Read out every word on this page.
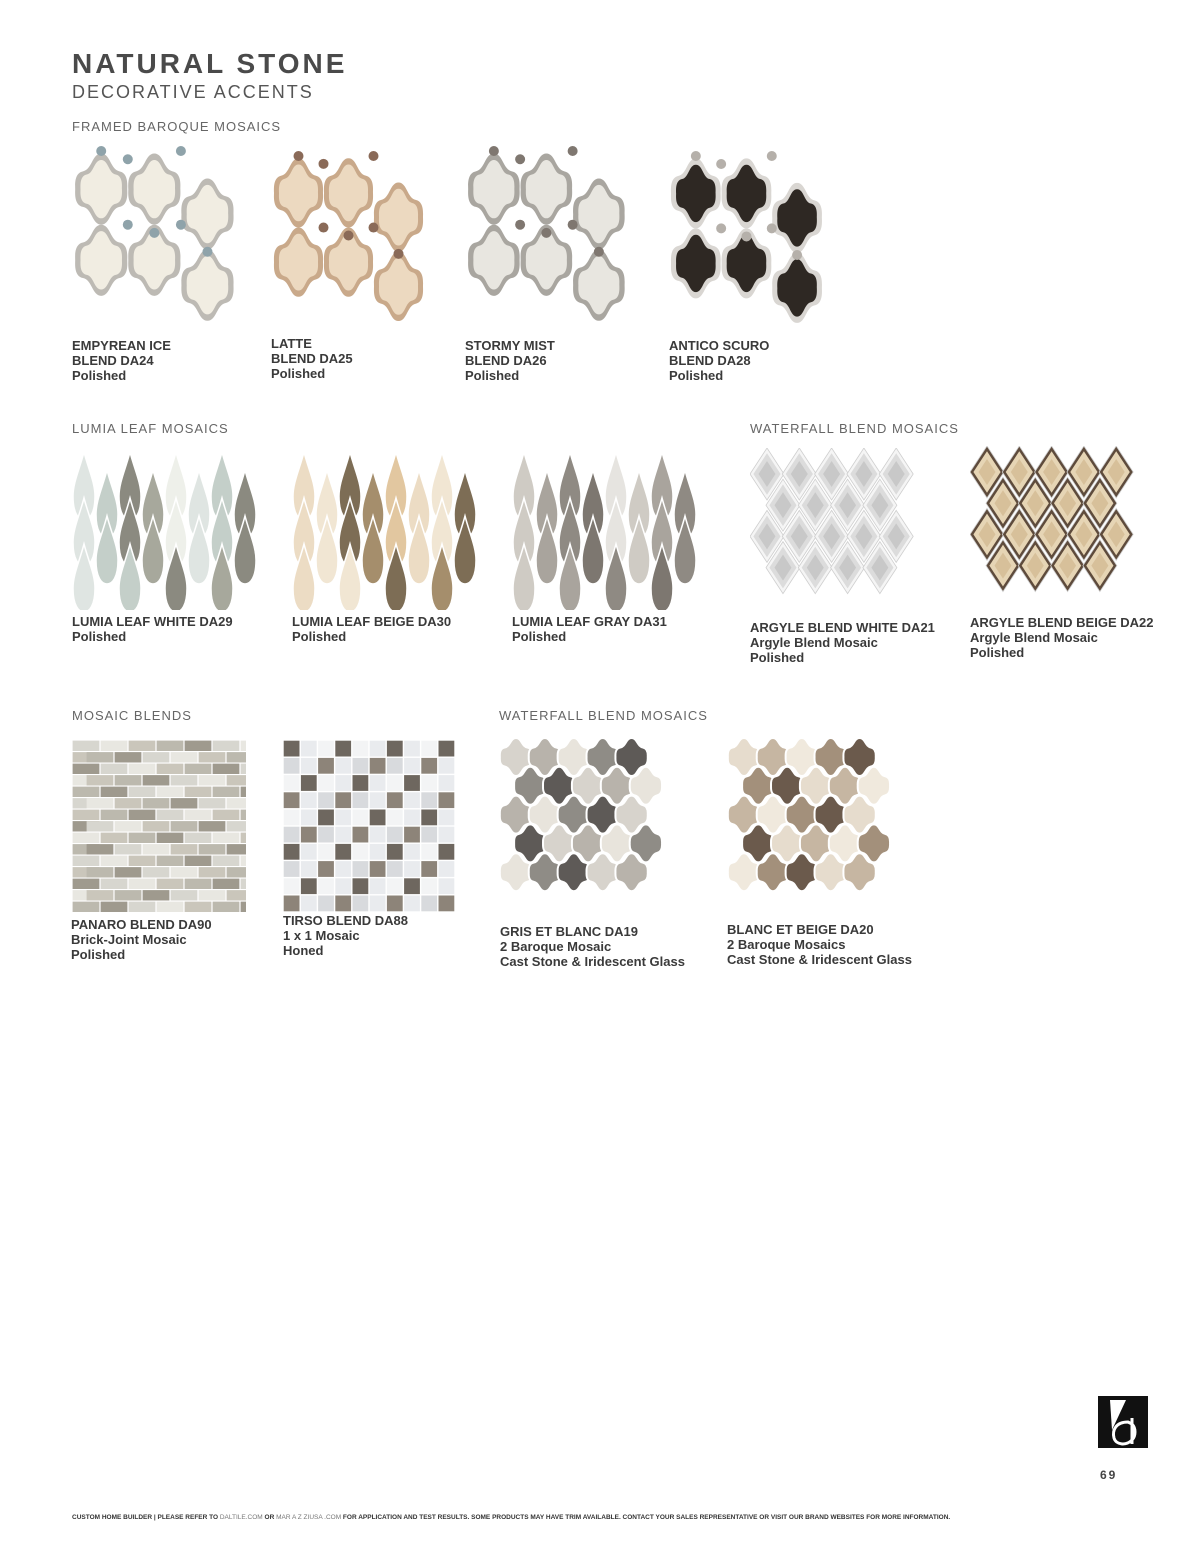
NATURAL STONE
DECORATIVE ACCENTS
FRAMED BAROQUE MOSAICS
LUMIA LEAF MOSAICS	WATERFALL BLEND MOSAICS
MOSAIC BLENDS	WATERFALL BLEND MOSAICS
EMPYREAN ICE
BLEND DA24
Polished
LATTE
BLEND DA25
Polished
STORMY MIST
BLEND DA26
Polished
ANTICO SCURO
BLEND DA28
Polished
LUMIA LEAF WHITE DA29
Polished
LUMIA LEAF BEIGE DA30
Polished
LUMIA LEAF GRAY DA31
Polished
ARGYLE BLEND WHITE DA21
Argyle Blend Mosaic
Polished
ARGYLE BLEND BEIGE DA22
Argyle Blend Mosaic
Polished
PANARO BLEND DA90
Brick-Joint Mosaic
Polished
TIRSO BLEND DA88
1 x 1 Mosaic
Honed
GRIS ET BLANC DA19
2 Baroque Mosaic
Cast Stone & Iridescent Glass
BLANC ET BEIGE DA20
2 Baroque Mosaics
Cast Stone & Iridescent Glass
69
CUSTOM HOME BUILDER | PLEASE REFER TO DALTILE.COM OR MAR A Z ZIUSA .COM FOR APPLICATION AND TEST RESULTS. SOME PRODUCTS MAY HAVE TRIM AVAILABLE. CONTACT YOUR SALES REPRESENTATIVE OR VISIT OUR BRAND WEBSITES FOR MORE INFORMATION.
